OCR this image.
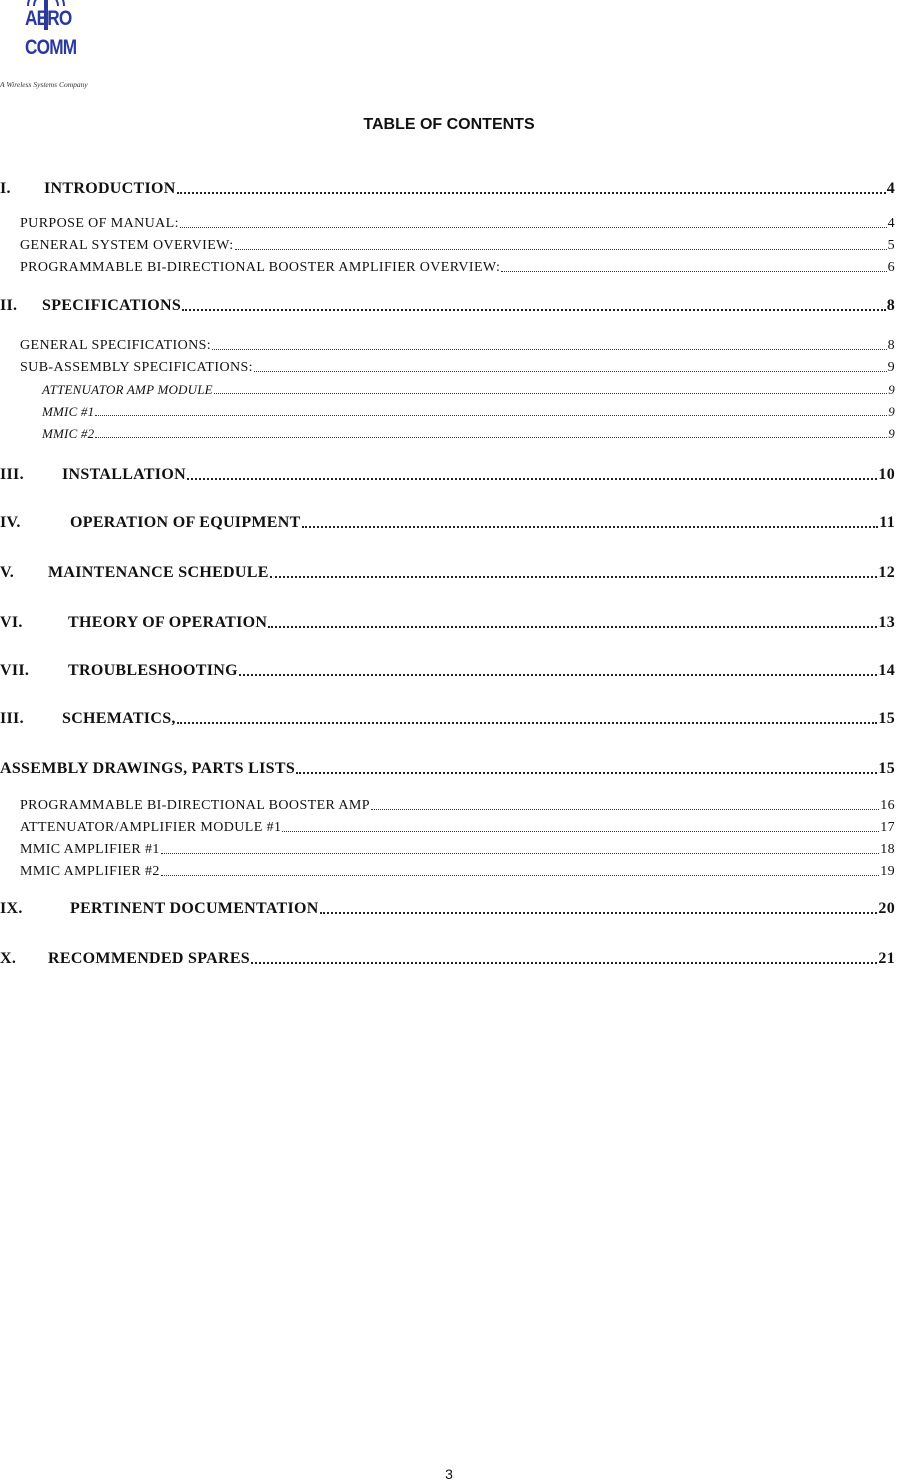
AERO
COMM
A Wireless Systems Company
TABLE OF CONTENTS
I.	INTRODUCTION	4
PURPOSE OF MANUAL:	4
GENERAL SYSTEM OVERVIEW:	5
PROGRAMMABLE BI-DIRECTIONAL BOOSTER AMPLIFIER OVERVIEW:	6
II.	SPECIFICATIONS	8
GENERAL SPECIFICATIONS:	8
SUB-ASSEMBLY SPECIFICATIONS:	9
ATTENUATOR AMP MODULE	9
MMIC #1	9
MMIC #2	9
III.	INSTALLATION	10
IV.	OPERATION OF EQUIPMENT	11
V.	MAINTENANCE SCHEDULE	12
VI.	THEORY OF OPERATION	13
VII.	TROUBLESHOOTING	14
III.	SCHEMATICS,	15
ASSEMBLY DRAWINGS, PARTS LISTS	15
PROGRAMMABLE BI-DIRECTIONAL BOOSTER AMP	16
ATTENUATOR/AMPLIFIER MODULE #1	17
MMIC AMPLIFIER #1	18
MMIC AMPLIFIER #2	19
IX.	PERTINENT DOCUMENTATION	20
X.	RECOMMENDED SPARES	21
3
